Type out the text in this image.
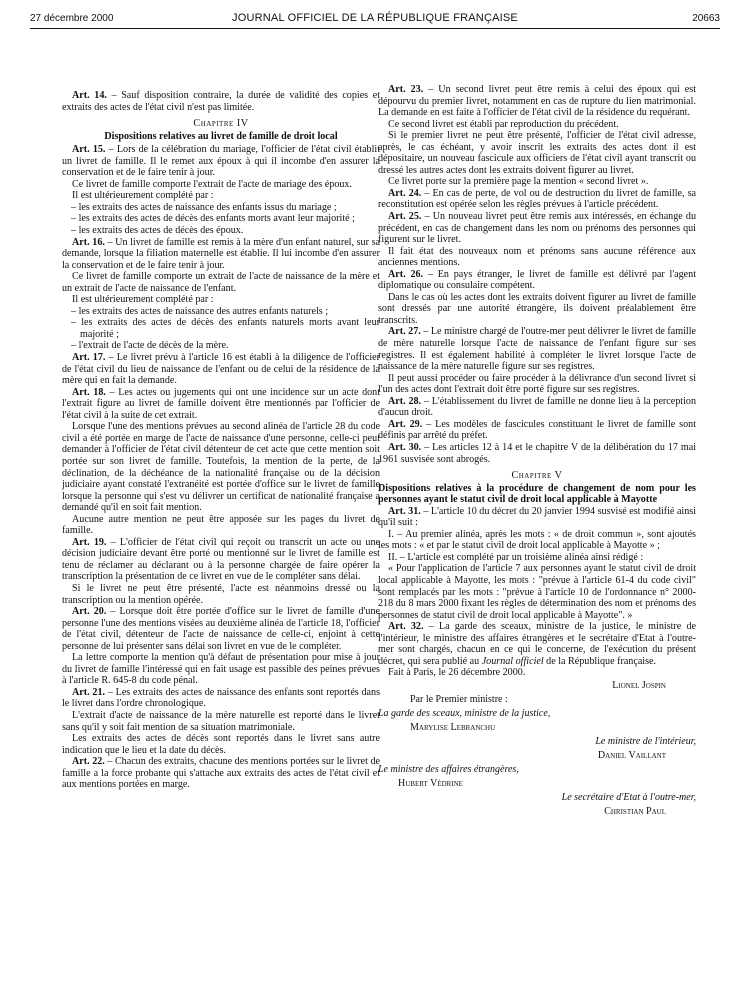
27 décembre 2000	JOURNAL OFFICIEL DE LA RÉPUBLIQUE FRANÇAISE	20663

Art. 14. – Sauf disposition contraire, la durée de validité des copies et extraits des actes de l'état civil n'est pas limitée.

Chapitre IV
Dispositions relatives au livret de famille de droit local

Art. 15. – Lors de la célébration du mariage, l'officier de l'état civil établit un livret de famille. Il le remet aux époux à qui il incombe d'en assurer la conservation et de le faire tenir à jour.

Ce livret de famille comporte l'extrait de l'acte de mariage des époux.

Il est ultérieurement complété par :

– les extraits des actes de naissance des enfants issus du mariage ;

– les extraits des actes de décès des enfants morts avant leur majorité ;

– les extraits des actes de décès des époux.

Art. 16. – Un livret de famille est remis à la mère d'un enfant naturel, sur sa demande, lorsque la filiation maternelle est établie. Il lui incombe d'en assurer la conservation et de le faire tenir à jour.

Ce livret de famille comporte un extrait de l'acte de naissance de la mère et un extrait de l'acte de naissance de l'enfant.

Il est ultérieurement complété par :

– les extraits des actes de naissance des autres enfants naturels ;

– les extraits des actes de décès des enfants naturels morts avant leur majorité ;

– l'extrait de l'acte de décès de la mère.

Art. 17. – Le livret prévu à l'article 16 est établi à la diligence de l'officier de l'état civil du lieu de naissance de l'enfant ou de celui de la résidence de la mère qui en fait la demande.

Art. 18. – Les actes ou jugements qui ont une incidence sur un acte dont l'extrait figure au livret de famille doivent être mentionnés par l'officier de l'état civil à la suite de cet extrait.

Lorsque l'une des mentions prévues au second alinéa de l'article 28 du code civil a été portée en marge de l'acte de naissance d'une personne, celle-ci peut demander à l'officier de l'état civil détenteur de cet acte que cette mention soit portée sur son livret de famille. Toutefois, la mention de la perte, de la déclination, de la déchéance de la nationalité française ou de la décision judiciaire ayant constaté l'extranéité est portée d'office sur le livret de famille lorsque la personne qui s'est vu délivrer un certificat de nationalité française a demandé qu'il en soit fait mention.

Aucune autre mention ne peut être apposée sur les pages du livret de famille.

Art. 19. – L'officier de l'état civil qui reçoit ou transcrit un acte ou une décision judiciaire devant être porté ou mentionné sur le livret de famille est tenu de réclamer au déclarant ou à la personne chargée de faire opérer la transcription la présentation de ce livret en vue de le compléter sans délai.

Si le livret ne peut être présenté, l'acte est néanmoins dressé ou la transcription ou la mention opérée.

Art. 20. – Lorsque doit être portée d'office sur le livret de famille d'une personne l'une des mentions visées au deuxième alinéa de l'article 18, l'officier de l'état civil, détenteur de l'acte de naissance de celle-ci, enjoint à cette personne de lui présenter sans délai son livret en vue de le compléter.

La lettre comporte la mention qu'à défaut de présentation pour mise à jour du livret de famille l'intéressé qui en fait usage est passible des peines prévues à l'article R. 645-8 du code pénal.

Art. 21. – Les extraits des actes de naissance des enfants sont reportés dans le livret dans l'ordre chronologique.

L'extrait d'acte de naissance de la mère naturelle est reporté dans le livret sans qu'il y soit fait mention de sa situation matrimoniale.

Les extraits des actes de décès sont reportés dans le livret sans autre indication que le lieu et la date du décès.

Art. 22. – Chacun des extraits, chacune des mentions portées sur le livret de famille a la force probante qui s'attache aux extraits des actes de l'état civil et aux mentions portées en marge.

Art. 23. – Un second livret peut être remis à celui des époux qui est dépourvu du premier livret, notamment en cas de rupture du lien matrimonial. La demande en est faite à l'officier de l'état civil de la résidence du requérant.

Ce second livret est établi par reproduction du précédent.

Si le premier livret ne peut être présenté, l'officier de l'état civil adresse, après, le cas échéant, y avoir inscrit les extraits des actes dont il est dépositaire, un nouveau fascicule aux officiers de l'état civil ayant transcrit ou dressé les autres actes dont les extraits doivent figurer au livret.

Ce livret porte sur la première page la mention « second livret ».

Art. 24. – En cas de perte, de vol ou de destruction du livret de famille, sa reconstitution est opérée selon les règles prévues à l'article précédent.

Art. 25. – Un nouveau livret peut être remis aux intéressés, en échange du précédent, en cas de changement dans les nom ou prénoms des personnes qui figurent sur le livret.

Il fait état des nouveaux nom et prénoms sans aucune référence aux anciennes mentions.

Art. 26. – En pays étranger, le livret de famille est délivré par l'agent diplomatique ou consulaire compétent.

Dans le cas où les actes dont les extraits doivent figurer au livret de famille sont dressés par une autorité étrangère, ils doivent préalablement être transcrits.

Art. 27. – Le ministre chargé de l'outre-mer peut délivrer le livret de famille de mère naturelle lorsque l'acte de naissance de l'enfant figure sur ses registres. Il est également habilité à compléter le livret lorsque l'acte de naissance de la mère naturelle figure sur ses registres.

Il peut aussi procéder ou faire procéder à la délivrance d'un second livret si l'un des actes dont l'extrait doit être porté figure sur ses registres.

Art. 28. – L'établissement du livret de famille ne donne lieu à la perception d'aucun droit.

Art. 29. – Les modèles de fascicules constituant le livret de famille sont définis par arrêté du préfet.

Art. 30. – Les articles 12 à 14 et le chapitre V de la délibération du 17 mai 1961 susvisée sont abrogés.

Chapitre V
Dispositions relatives à la procédure de changement de nom pour les personnes ayant le statut civil de droit local applicable à Mayotte

Art. 31. – L'article 10 du décret du 20 janvier 1994 susvisé est modifié ainsi qu'il suit :

I. – Au premier alinéa, après les mots : « de droit commun », sont ajoutés les mots : « et par le statut civil de droit local applicable à Mayotte » ;

II. – L'article est complété par un troisième alinéa ainsi rédigé :

« Pour l'application de l'article 7 aux personnes ayant le statut civil de droit local applicable à Mayotte, les mots : "prévue à l'article 61-4 du code civil" sont remplacés par les mots : "prévue à l'article 10 de l'ordonnance n° 2000-218 du 8 mars 2000 fixant les règles de détermination des nom et prénoms des personnes de statut civil de droit local applicable à Mayotte". »

Art. 32. – La garde des sceaux, ministre de la justice, le ministre de l'intérieur, le ministre des affaires étrangères et le secrétaire d'Etat à l'outre-mer sont chargés, chacun en ce qui le concerne, de l'exécution du présent décret, qui sera publié au Journal officiel de la République française.

Fait à Paris, le 26 décembre 2000.

Lionel Jospin
Par le Premier ministre :
La garde des sceaux, ministre de la justice,
Marylise Lebranchu
Le ministre de l'intérieur,
Daniel Vaillant
Le ministre des affaires étrangères,
Hubert Védrine
Le secrétaire d'Etat à l'outre-mer,
Christian Paul
